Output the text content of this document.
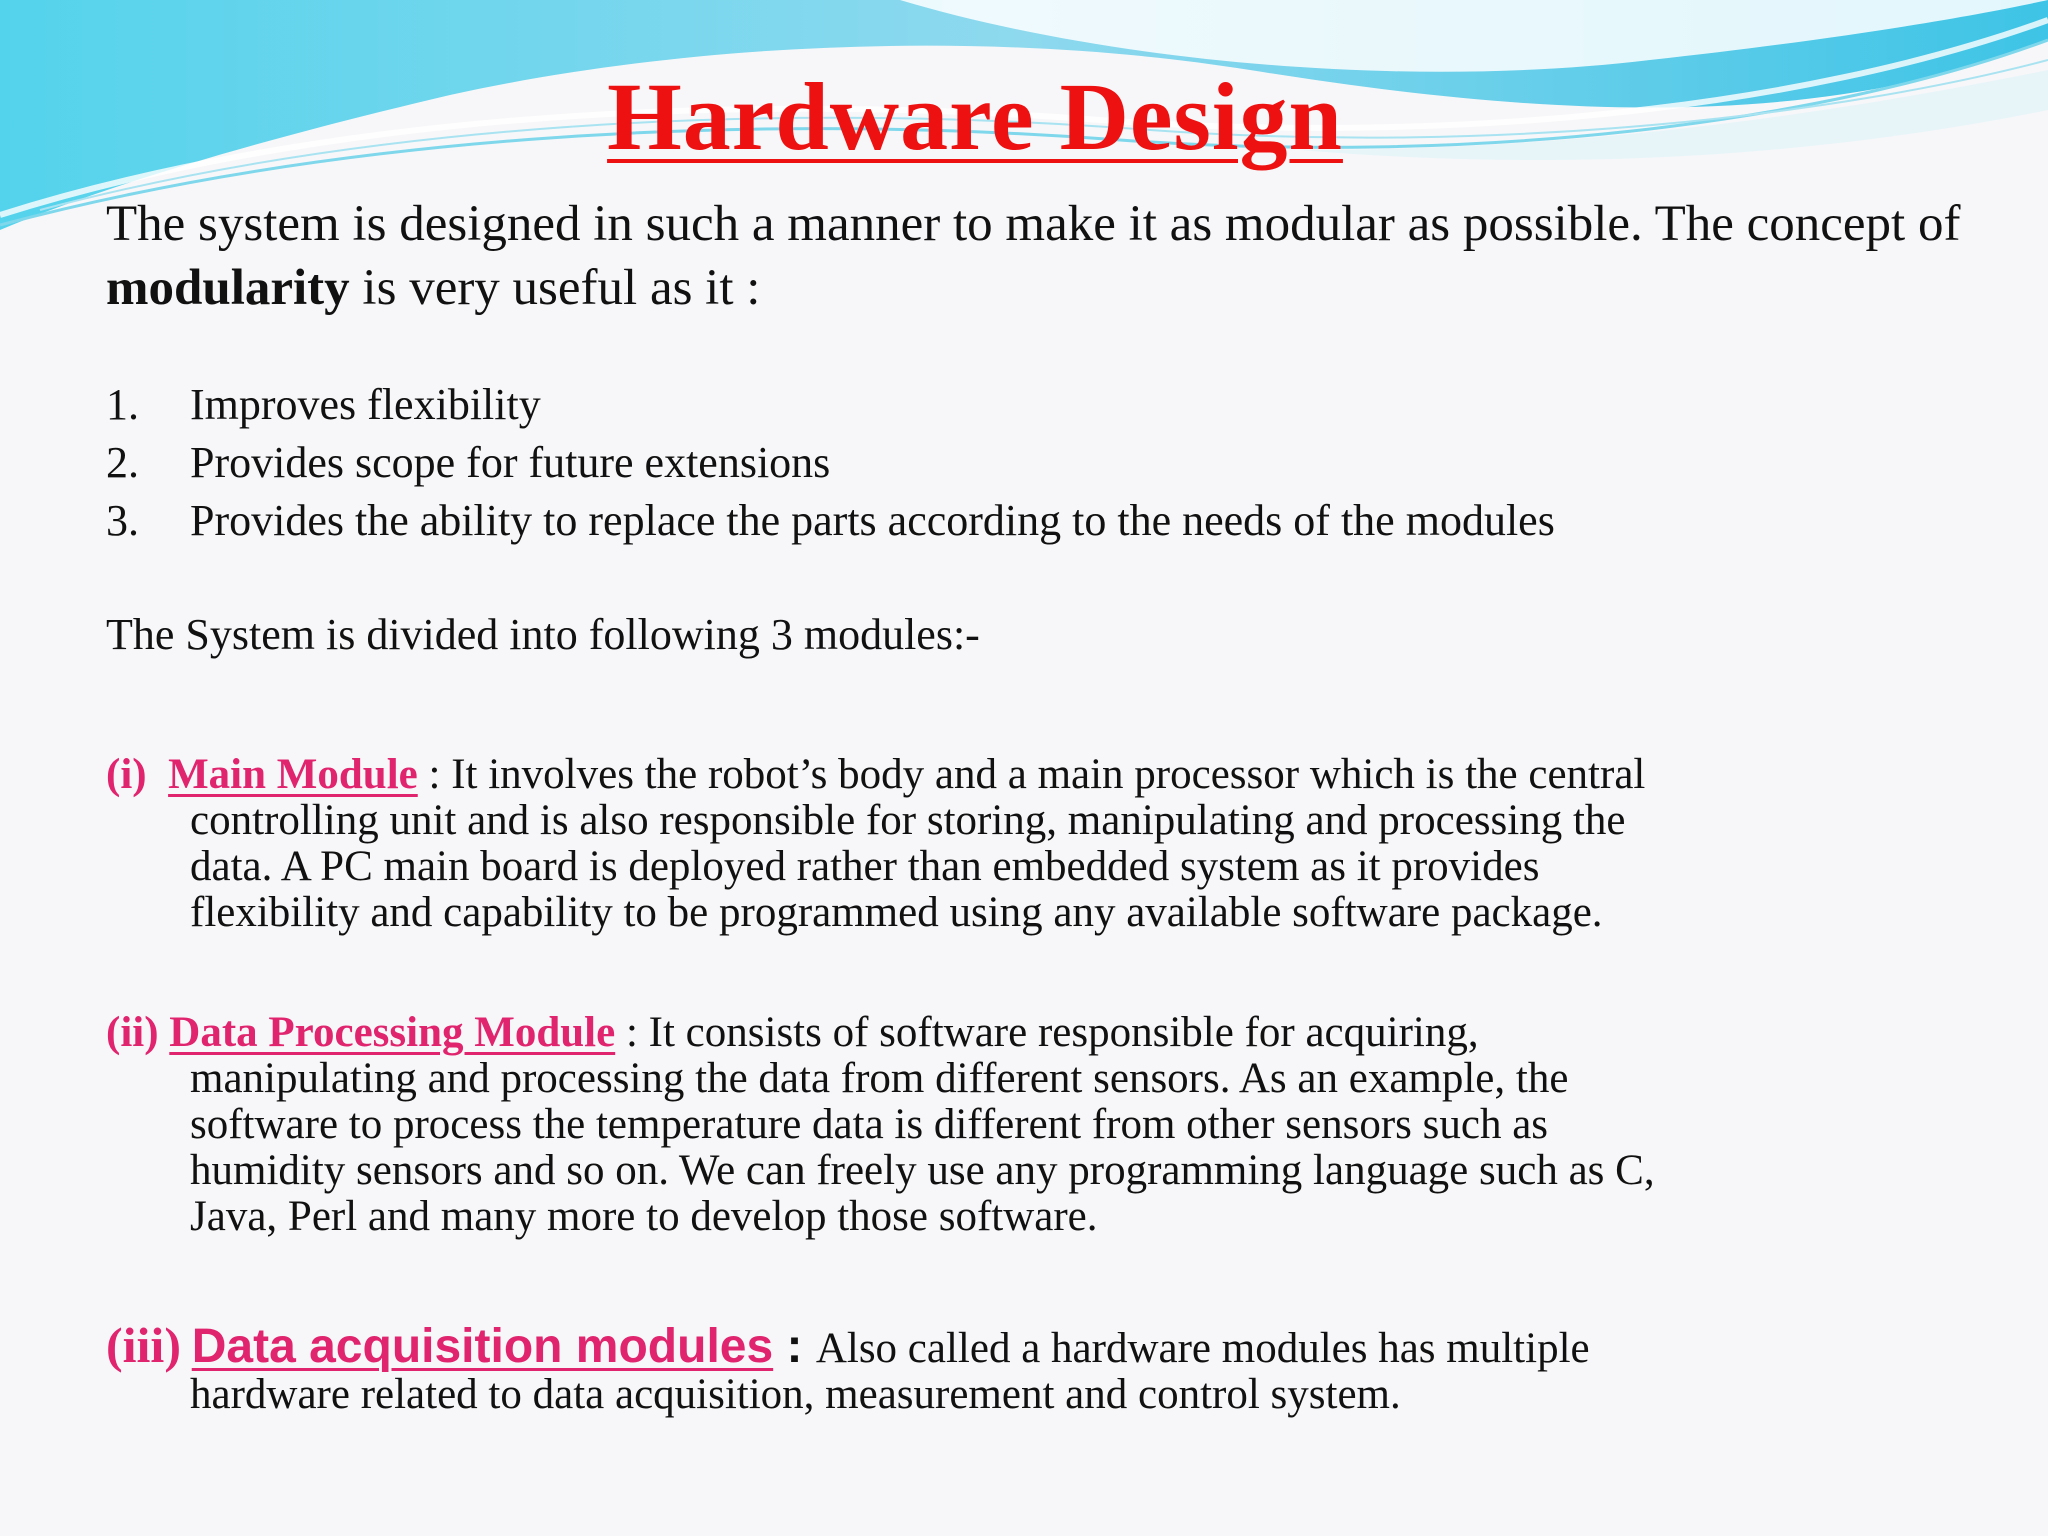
Hardware Design
The system is designed in such a manner to make it as modular as possible. The concept of modularity is very useful as it :
1.	Improves flexibility
2.	Provides scope for future extensions
3.	Provides the ability to replace the parts according to the needs of the modules
The System is divided into following 3 modules:-
(i) Main Module : It involves the robot’s body and a main processor which is the central
controlling unit and is also responsible for storing, manipulating and processing the
data. A PC main board is deployed rather than embedded system as it provides
flexibility and capability to be programmed using any available software package.
(ii) Data Processing Module : It consists of software responsible for acquiring,
manipulating and processing the data from different sensors. As an example, the
software to process the temperature data is different from other sensors such as
humidity sensors and so on. We can freely use any programming language such as C,
Java, Perl and many more to develop those software.
(iii) Data acquisition modules : Also called a hardware modules has multiple
hardware related to data acquisition, measurement and control system.
